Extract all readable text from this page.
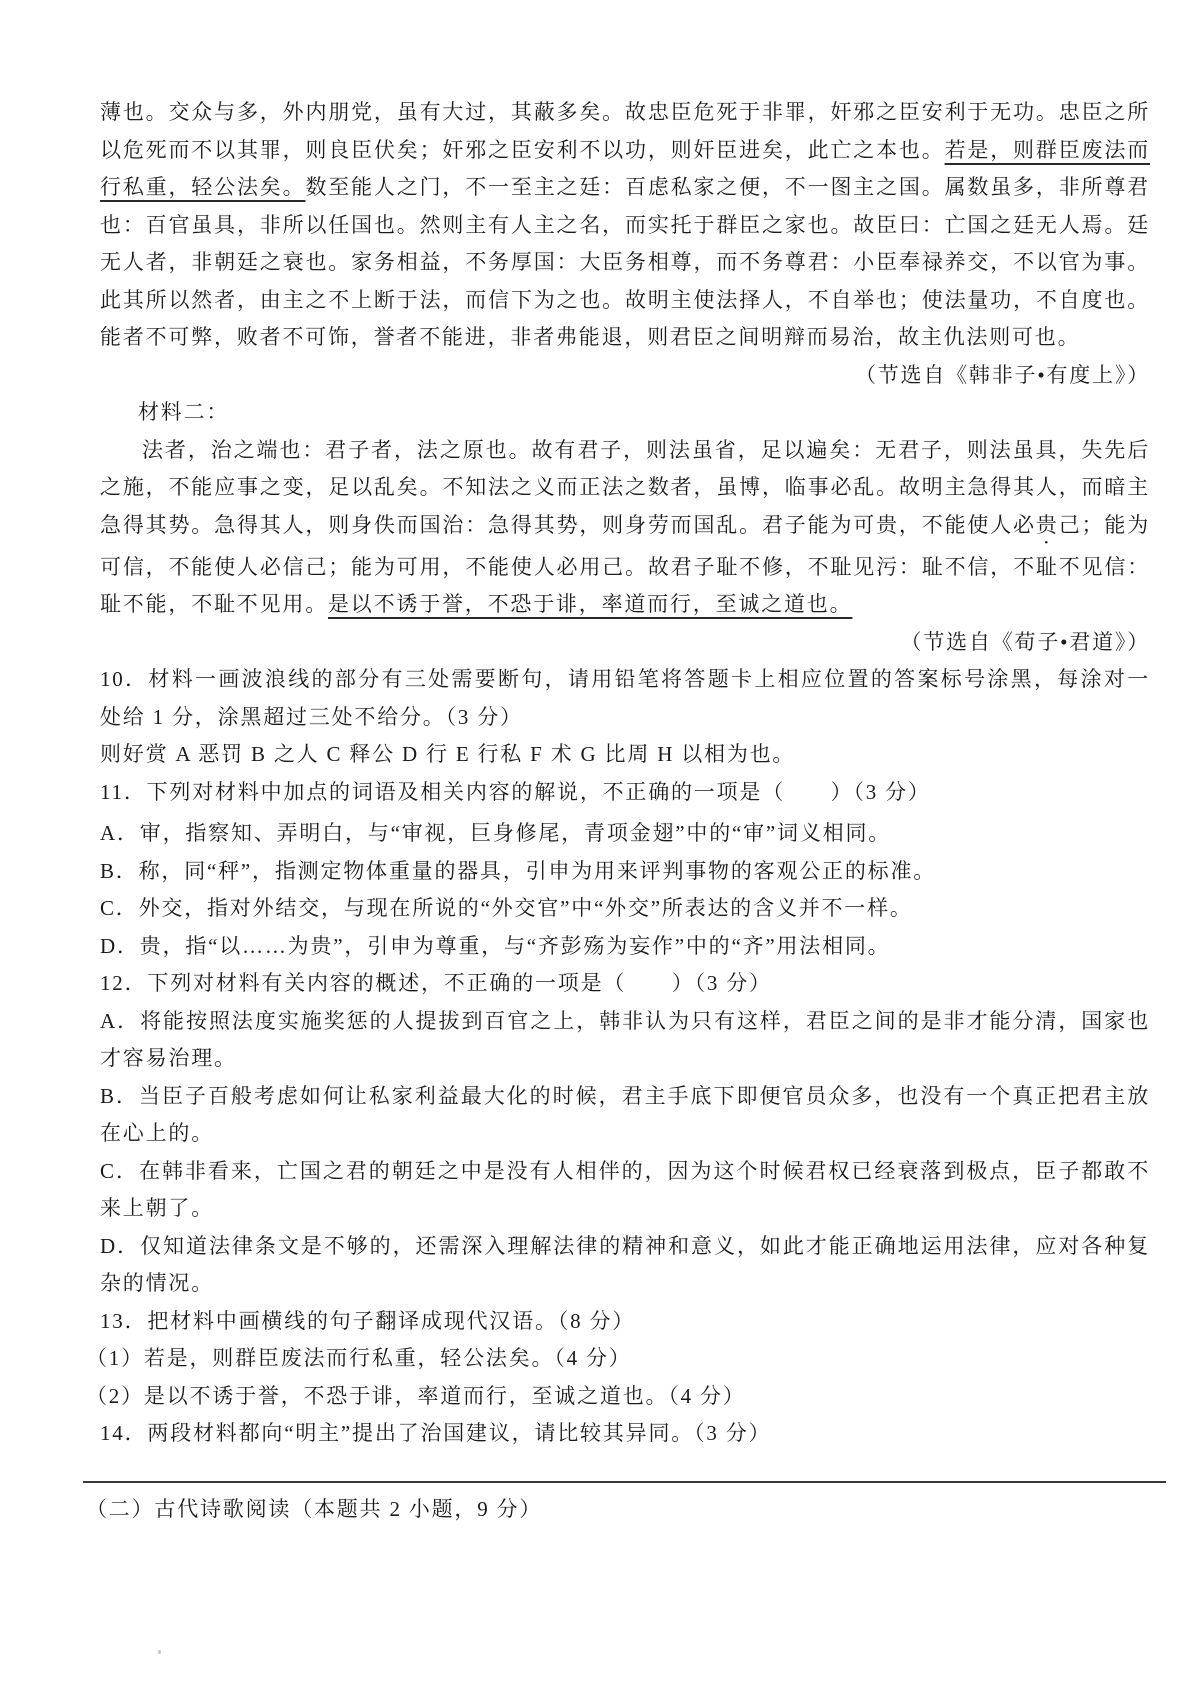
薄也。交众与多，外内朋党，虽有大过，其蔽多矣。故忠臣危死于非罪，奸邪之臣安利于无功。忠臣之所以危死而不以其罪，则良臣伏矣；奸邪之臣安利不以功，则奸臣进矣，此亡之本也。若是，则群臣废法而行私重，轻公法矣。数至能人之门，不一至主之廷：百虑私家之便，不一图主之国。属数虽多，非所尊君也：百官虽具，非所以任国也。然则主有人主之名，而实托于群臣之家也。故臣曰：亡国之廷无人焉。廷无人者，非朝廷之衰也。家务相益，不务厚国：大臣务相尊，而不务尊君：小臣奉禄养交，不以官为事。此其所以然者，由主之不上断于法，而信下为之也。故明主使法择人，不自举也；使法量功，不自度也。能者不可弊，败者不可饰，誉者不能进，非者弗能退，则君臣之间明辩而易治，故主仇法则可也。

（节选自《韩非子•有度上》）

材料二：

法者，治之端也：君子者，法之原也。故有君子，则法虽省，足以遍矣：无君子，则法虽具，失先后之施，不能应事之变，足以乱矣。不知法之义而正法之数者，虽博，临事必乱。故明主急得其人，而暗主急得其势。急得其人，则身佚而国治：急得其势，则身劳而国乱。君子能为可贵，不能使人必贵己；能为可信，不能使人必信己；能为可用，不能使人必用己。故君子耻不修，不耻见污：耻不信，不耻不见信：耻不能，不耻不见用。是以不诱于誉，不恐于诽，率道而行，至诚之道也。

（节选自《荀子•君道》）

10．材料一画波浪线的部分有三处需要断句，请用铅笔将答题卡上相应位置的答案标号涂黑，每涂对一处给 1 分，涂黑超过三处不给分。（3 分）

则好赏 A 恶罚 B 之人 C 释公 D 行 E 行私 F 术 G 比周 H 以相为也。

11．下列对材料中加点的词语及相关内容的解说，不正确的一项是（　　）（3 分）

A．审，指察知、弄明白，与“审视，巨身修尾，青项金翅”中的“审”词义相同。

B．称，同“秤”，指测定物体重量的器具，引申为用来评判事物的客观公正的标准。

C．外交，指对外结交，与现在所说的“外交官”中“外交”所表达的含义并不一样。

D．贵，指“以……为贵”，引申为尊重，与“齐彭殇为妄作”中的“齐”用法相同。

12．下列对材料有关内容的概述，不正确的一项是（　　）（3 分）

A．将能按照法度实施奖惩的人提拔到百官之上，韩非认为只有这样，君臣之间的是非才能分清，国家也才容易治理。

B．当臣子百般考虑如何让私家利益最大化的时候，君主手底下即便官员众多，也没有一个真正把君主放在心上的。

C．在韩非看来，亡国之君的朝廷之中是没有人相伴的，因为这个时候君权已经衰落到极点，臣子都敢不来上朝了。

D．仅知道法律条文是不够的，还需深入理解法律的精神和意义，如此才能正确地运用法律，应对各种复杂的情况。

13．把材料中画横线的句子翻译成现代汉语。（8 分）

（1）若是，则群臣废法而行私重，轻公法矣。（4 分）

（2）是以不诱于誉，不恐于诽，率道而行，至诚之道也。（4 分）

14．两段材料都向“明主”提出了治国建议，请比较其异同。（3 分）

（二）古代诗歌阅读（本题共 2 小题，9 分）
